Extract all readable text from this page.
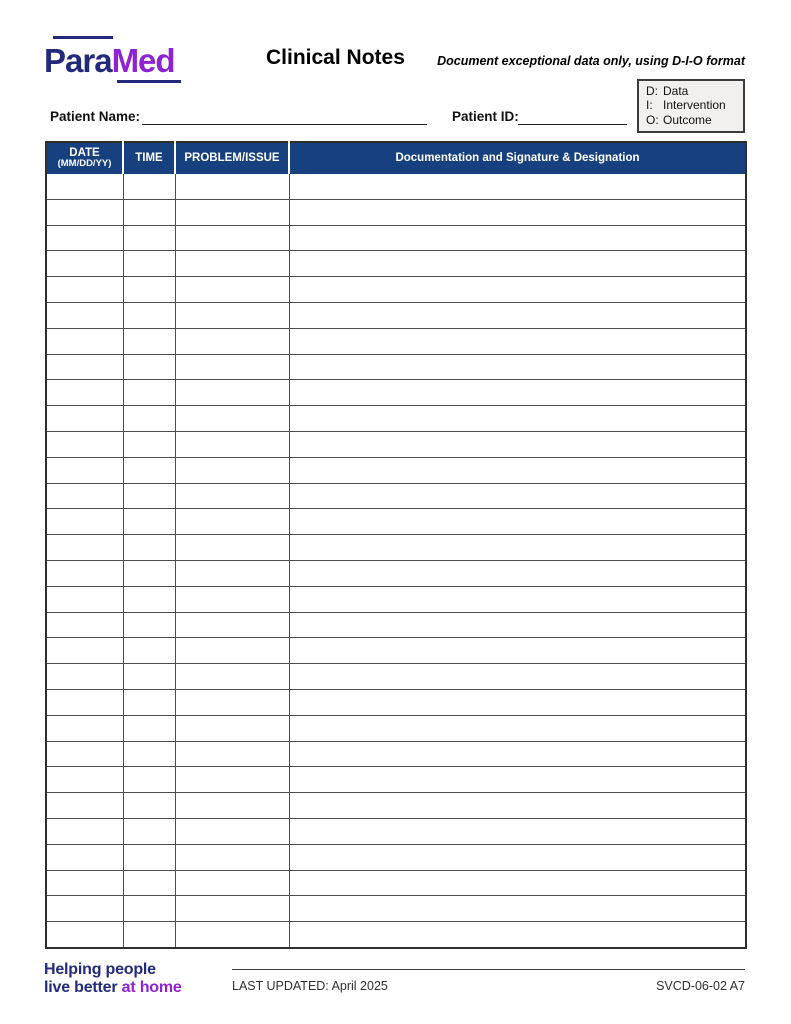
ParaMed	Clinical Notes	Document exceptional data only, using D-I-O format
D: Data
I: Intervention
O: Outcome
Patient Name:	Patient ID:
DATE
(MM/DD/YY)	TIME	PROBLEM/ISSUE	Documentation and Signature & Designation

Helping people
live better at home	LAST UPDATED: April 2025	SVCD-06-02 A7
